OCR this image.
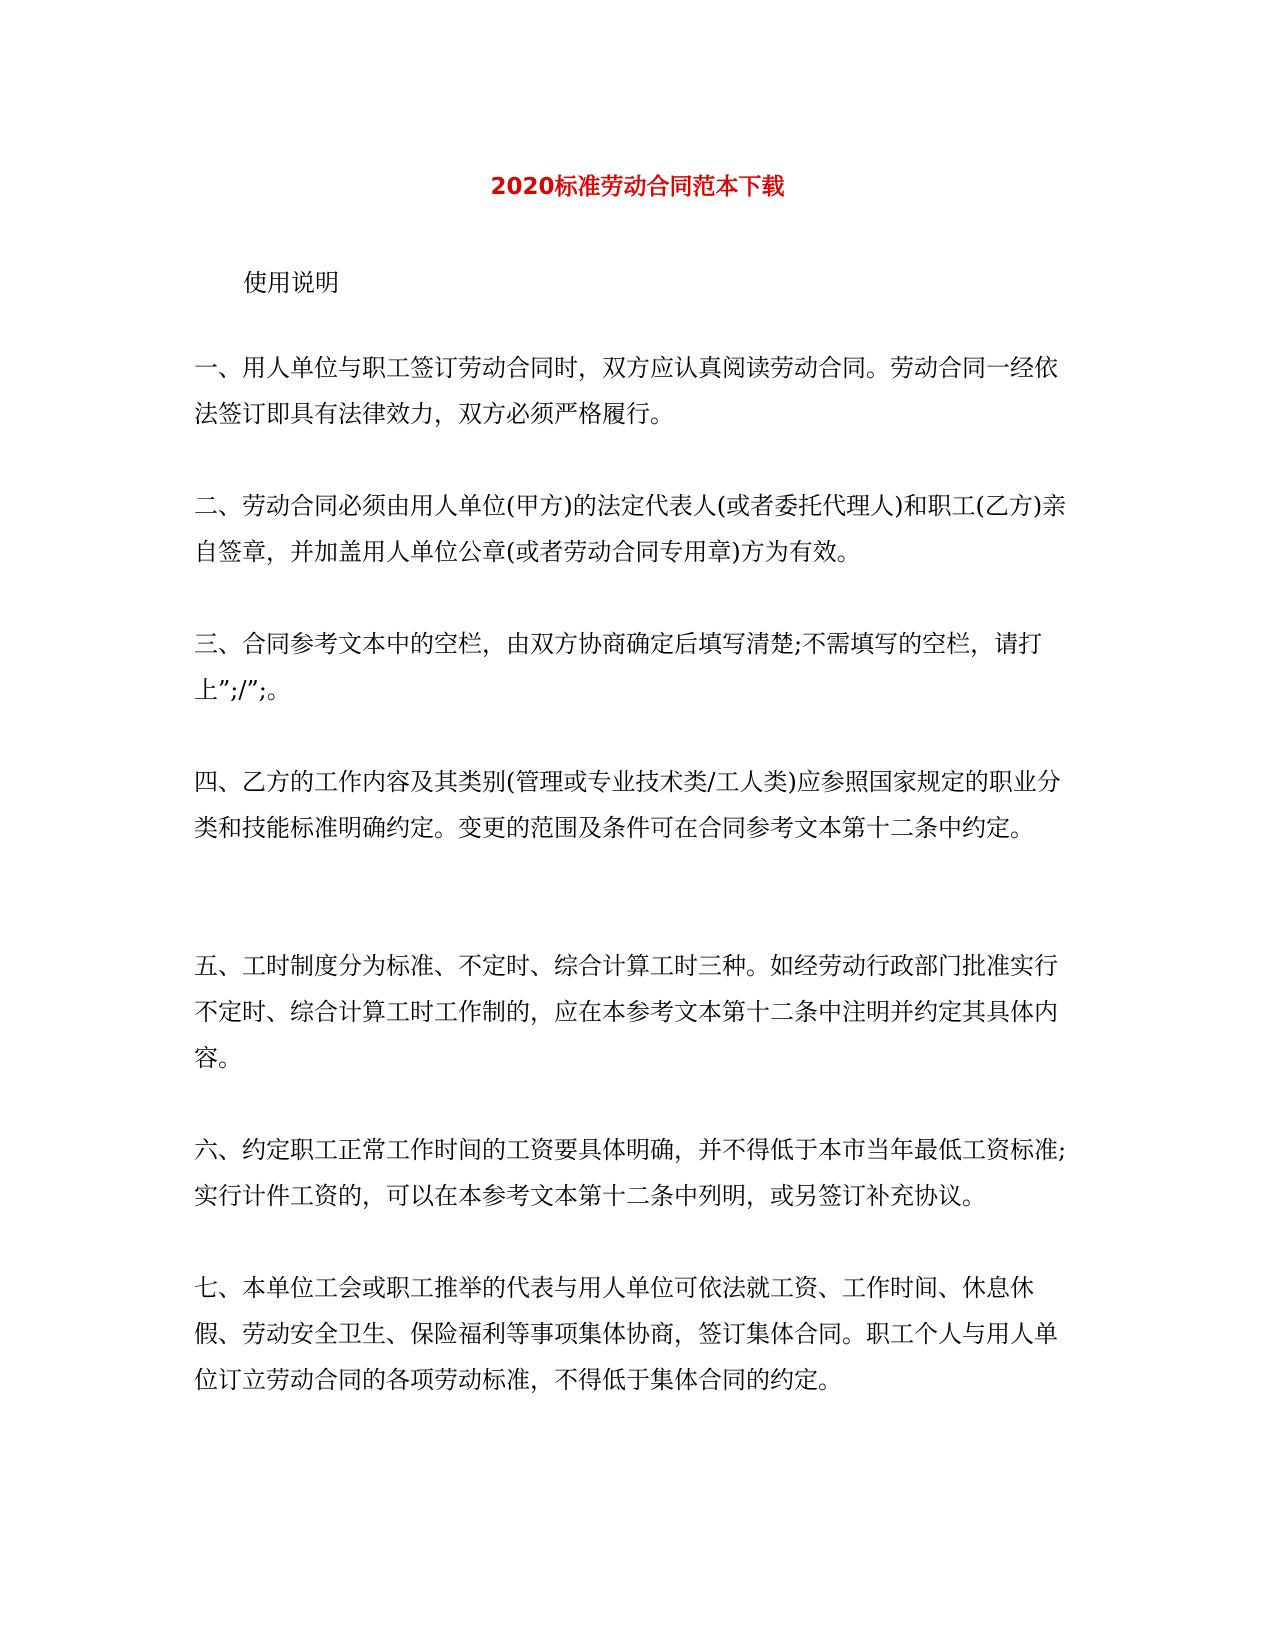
2020标准劳动合同范本下载
使用说明

一、用人单位与职工签订劳动合同时，双方应认真阅读劳动合同。劳动合同一经依法签订即具有法律效力，双方必须严格履行。

二、劳动合同必须由用人单位(甲方)的法定代表人(或者委托代理人)和职工(乙方)亲自签章，并加盖用人单位公章(或者劳动合同专用章)方为有效。

三、合同参考文本中的空栏，由双方协商确定后填写清楚;不需填写的空栏，请打上”;/”;。

四、乙方的工作内容及其类别(管理或专业技术类/工人类)应参照国家规定的职业分类和技能标准明确约定。变更的范围及条件可在合同参考文本第十二条中约定。

五、工时制度分为标准、不定时、综合计算工时三种。如经劳动行政部门批准实行不定时、综合计算工时工作制的，应在本参考文本第十二条中注明并约定其具体内容。

六、约定职工正常工作时间的工资要具体明确，并不得低于本市当年最低工资标准;实行计件工资的，可以在本参考文本第十二条中列明，或另签订补充协议。

七、本单位工会或职工推举的代表与用人单位可依法就工资、工作时间、休息休假、劳动安全卫生、保险福利等事项集体协商，签订集体合同。职工个人与用人单位订立劳动合同的各项劳动标准，不得低于集体合同的约定。
